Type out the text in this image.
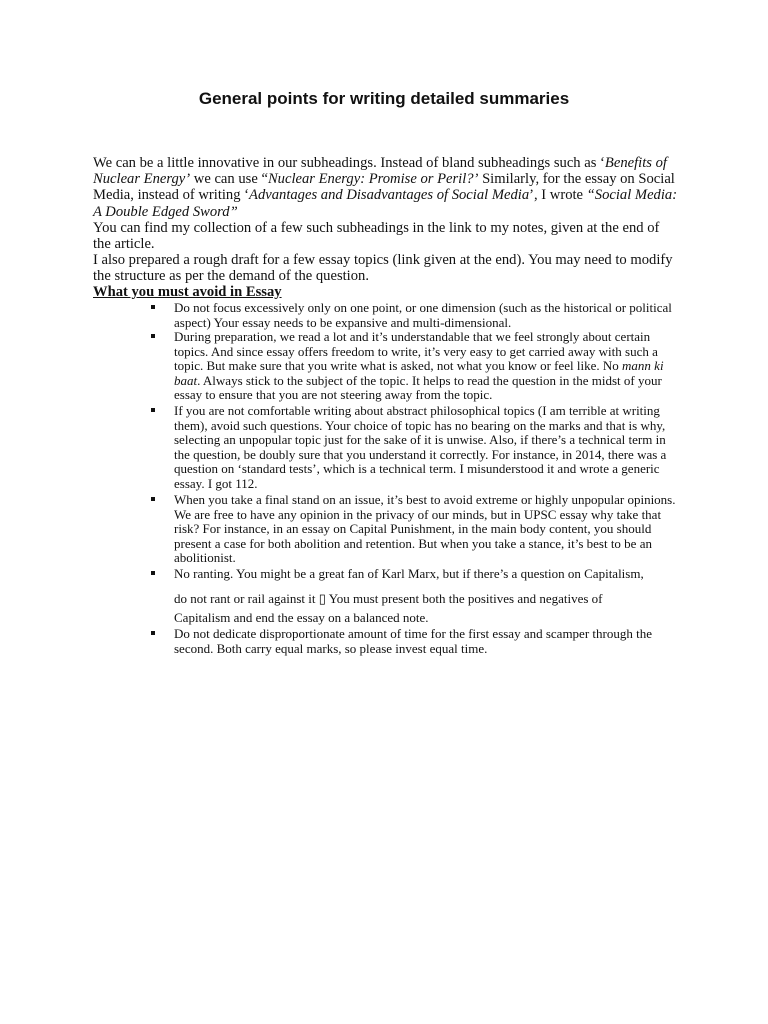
General points for writing detailed summaries

We can be a little innovative in our subheadings. Instead of bland subheadings such as ‘Benefits of Nuclear Energy’ we can use “Nuclear Energy: Promise or Peril?’ Similarly, for the essay on Social Media, instead of writing ‘Advantages and Disadvantages of Social Media’, I wrote “Social Media: A Double Edged Sword”

You can find my collection of a few such subheadings in the link to my notes, given at the end of the article.

I also prepared a rough draft for a few essay topics (link given at the end). You may need to modify the structure as per the demand of the question.

What you must avoid in Essay
Do not focus excessively only on one point, or one dimension (such as the historical or political aspect) Your essay needs to be expansive and multi-dimensional.
During preparation, we read a lot and it’s understandable that we feel strongly about certain topics. And since essay offers freedom to write, it’s very easy to get carried away with such a topic. But make sure that you write what is asked, not what you know or feel like. No mann ki baat. Always stick to the subject of the topic. It helps to read the question in the midst of your essay to ensure that you are not steering away from the topic.
If you are not comfortable writing about abstract philosophical topics (I am terrible at writing them), avoid such questions. Your choice of topic has no bearing on the marks and that is why, selecting an unpopular topic just for the sake of it is unwise. Also, if there’s a technical term in the question, be doubly sure that you understand it correctly. For instance, in 2014, there was a question on ‘standard tests’, which is a technical term. I misunderstood it and wrote a generic essay. I got 112.
When you take a final stand on an issue, it’s best to avoid extreme or highly unpopular opinions. We are free to have any opinion in the privacy of our minds, but in UPSC essay why take that risk? For instance, in an essay on Capital Punishment, in the main body content, you should present a case for both abolition and retention. But when you take a stance, it’s best to be an abolitionist.
No ranting. You might be a great fan of Karl Marx, but if there’s a question on Capitalism,
do not rant or rail against it ▯ You must present both the positives and negatives of
Capitalism and end the essay on a balanced note.
Do not dedicate disproportionate amount of time for the first essay and scamper through the second. Both carry equal marks, so please invest equal time.
